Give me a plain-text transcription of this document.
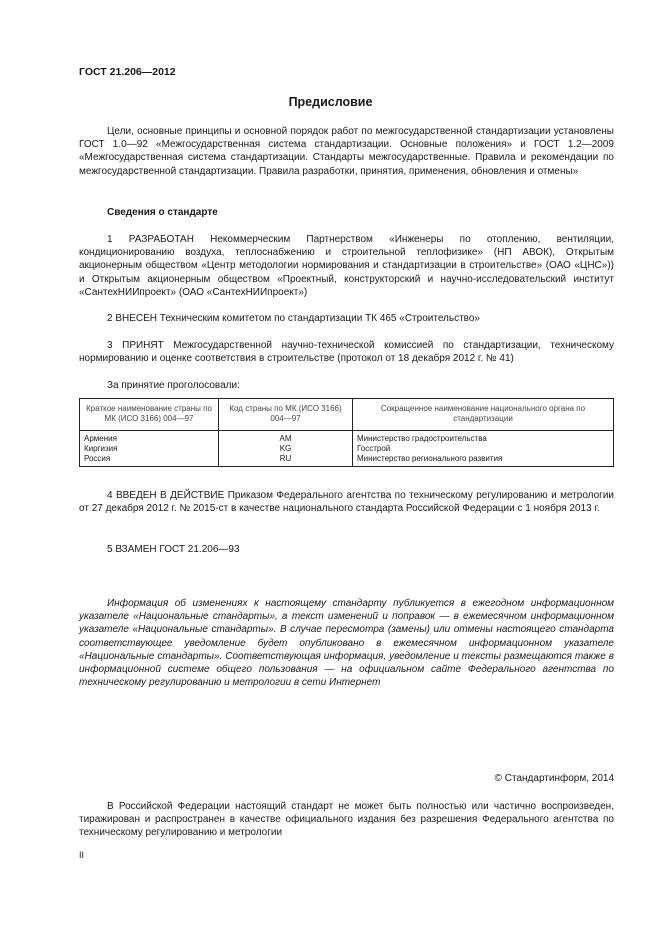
ГОСТ 21.206—2012
Предисловие
Цели, основные принципы и основной порядок работ по межгосударственной стандартизации установлены ГОСТ 1.0—92 «Межгосударственная система стандартизации. Основные положения» и ГОСТ 1.2—2009 «Межгосударственная система стандартизации. Стандарты межгосударственные. Правила и рекомендации по межгосударственной стандартизации. Правила разработки, принятия, применения, обновления и отмены»
Сведения о стандарте
1 РАЗРАБОТАН Некоммерческим Партнерством «Инженеры по отоплению, вентиляции, кондиционированию воздуха, теплоснабжению и строительной теплофизике» (НП АВОК), Открытым акционерным обществом «Центр методологии нормирования и стандартизации в строительстве» (ОАО «ЦНС»)) и Открытым акционерным обществом «Проектный, конструкторский и научно-исследовательский институт «СантехНИИпроект» (ОАО «СантехНИИпроект»)
2 ВНЕСЕН Техническим комитетом по стандартизации ТК 465 «Строительство»
3 ПРИНЯТ Межгосударственной научно-технической комиссией по стандартизации, техническому нормированию и оценке соответствия в строительстве (протокол от 18 декабря 2012 г. № 41)
За принятие проголосовали:
Краткое наименование страны по МК (ИСО 3166) 004—97	Код страны по МК (ИСО 3166) 004—97	Сокращенное наименование национального органа по стандартизации
Армения	AM	Министерство градостроительства
Киргизия	KG	Госстрой
Россия	RU	Министерство регионального развития
4 ВВЕДЕН В ДЕЙСТВИЕ Приказом Федерального агентства по техническому регулированию и метрологии от 27 декабря 2012 г. № 2015-ст в качестве национального стандарта Российской Федерации с 1 ноября 2013 г.
5 ВЗАМЕН ГОСТ 21.206—93
Информация об изменениях к настоящему стандарту публикуется в ежегодном информационном указателе «Национальные стандарты», а текст изменений и поправок — в ежемесячном информационном указателе «Национальные стандарты». В случае пересмотра (замены) или отмены настоящего стандарта соответствующее уведомление будет опубликовано в ежемесячном информационном указателе «Национальные стандарты». Соответствующая информация, уведомление и тексты размещаются также в информационной системе общего пользования — на официальном сайте Федерального агентства по техническому регулированию и метрологии в сети Интернет
© Стандартинформ, 2014
В Российской Федерации настоящий стандарт не может быть полностью или частично воспроизведен, тиражирован и распространен в качестве официального издания без разрешения Федерального агентства по техническому регулированию и метрологии
II
